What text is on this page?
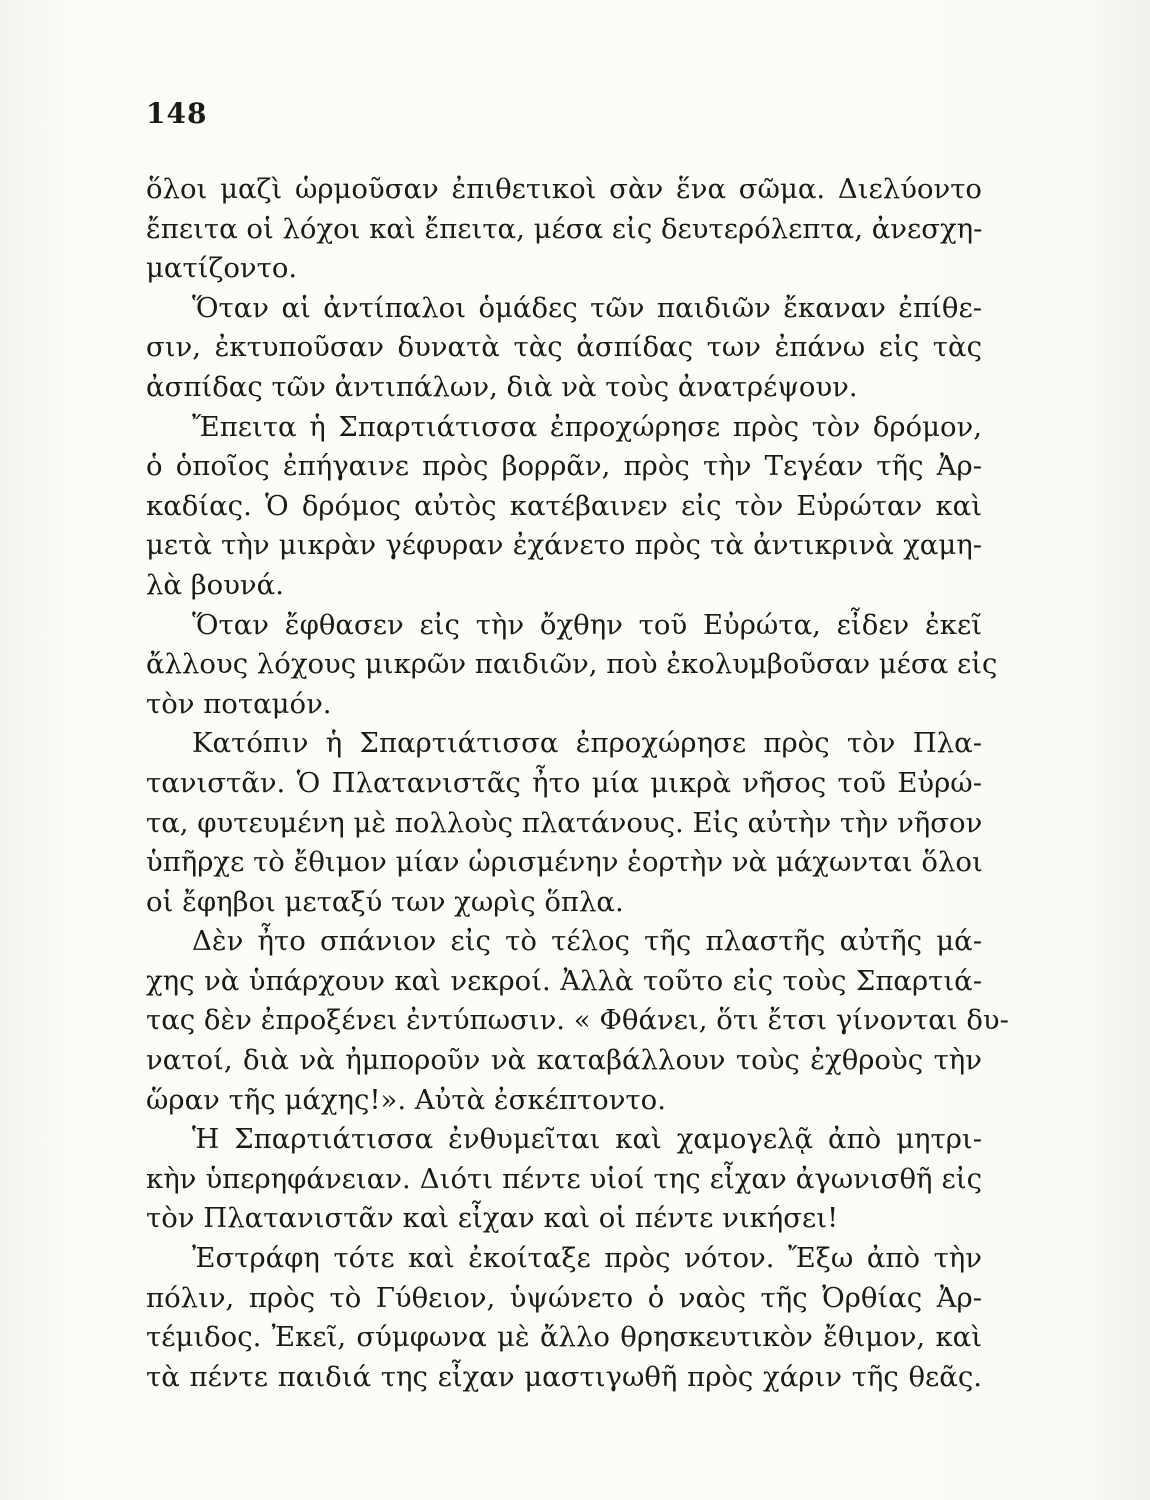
148

ὅλοι μαζὶ ὡρμοῦσαν ἐπιθετικοὶ σὰν ἕνα σῶμα. Διελύοντο
ἔπειτα οἱ λόχοι καὶ ἔπειτα, μέσα εἰς δευτερόλεπτα, ἀνεσχη-
ματίζοντο.

Ὅταν αἱ ἀντίπαλοι ὁμάδες τῶν παιδιῶν ἔκαναν ἐπίθε-
σιν, ἐκτυποῦσαν δυνατὰ τὰς ἀσπίδας των ἐπάνω εἰς τὰς
ἀσπίδας τῶν ἀντιπάλων, διὰ νὰ τοὺς ἀνατρέψουν.

Ἔπειτα ἡ Σπαρτιάτισσα ἐπροχώρησε πρὸς τὸν δρόμον,
ὁ ὁποῖος ἐπήγαινε πρὸς βορρᾶν, πρὸς τὴν Τεγέαν τῆς Ἀρ-
καδίας. Ὁ δρόμος αὐτὸς κατέβαινεν εἰς τὸν Εὐρώταν καὶ
μετὰ τὴν μικρὰν γέφυραν ἐχάνετο πρὸς τὰ ἀντικρινὰ χαμη-
λὰ βουνά.

Ὅταν ἔφθασεν εἰς τὴν ὄχθην τοῦ Εὐρώτα, εἶδεν ἐκεῖ
ἄλλους λόχους μικρῶν παιδιῶν, ποὺ ἐκολυμβοῦσαν μέσα εἰς
τὸν ποταμόν.

Κατόπιν ἡ Σπαρτιάτισσα ἐπροχώρησε πρὸς τὸν Πλα-
τανιστᾶν. Ὁ Πλατανιστᾶς ἦτο μία μικρὰ νῆσος τοῦ Εὐρώ-
τα, φυτευμένη μὲ πολλοὺς πλατάνους. Εἰς αὐτὴν τὴν νῆσον
ὑπῆρχε τὸ ἔθιμον μίαν ὡρισμένην ἑορτὴν νὰ μάχωνται ὅλοι
οἱ ἔφηβοι μεταξύ των χωρὶς ὅπλα.

Δὲν ἦτο σπάνιον εἰς τὸ τέλος τῆς πλαστῆς αὐτῆς μά-
χης νὰ ὑπάρχουν καὶ νεκροί. Ἀλλὰ τοῦτο εἰς τοὺς Σπαρτιά-
τας δὲν ἐπροξένει ἐντύπωσιν. « Φθάνει, ὅτι ἔτσι γίνονται δυ-
νατοί, διὰ νὰ ἠμποροῦν νὰ καταβάλλουν τοὺς ἐχθροὺς τὴν
ὥραν τῆς μάχης!». Αὐτὰ ἐσκέπτοντο.

Ἡ Σπαρτιάτισσα ἐνθυμεῖται καὶ χαμογελᾷ ἀπὸ μητρι-
κὴν ὑπερηφάνειαν. Διότι πέντε υἱοί της εἶχαν ἀγωνισθῆ εἰς
τὸν Πλατανιστᾶν καὶ εἶχαν καὶ οἱ πέντε νικήσει!

Ἐστράφη τότε καὶ ἐκοίταξε πρὸς νότον. Ἔξω ἀπὸ τὴν
πόλιν, πρὸς τὸ Γύθειον, ὑψώνετο ὁ ναὸς τῆς Ὀρθίας Ἀρ-
τέμιδος. Ἐκεῖ, σύμφωνα μὲ ἄλλο θρησκευτικὸν ἔθιμον, καὶ
τὰ πέντε παιδιά της εἶχαν μαστιγωθῆ πρὸς χάριν τῆς θεᾶς.
